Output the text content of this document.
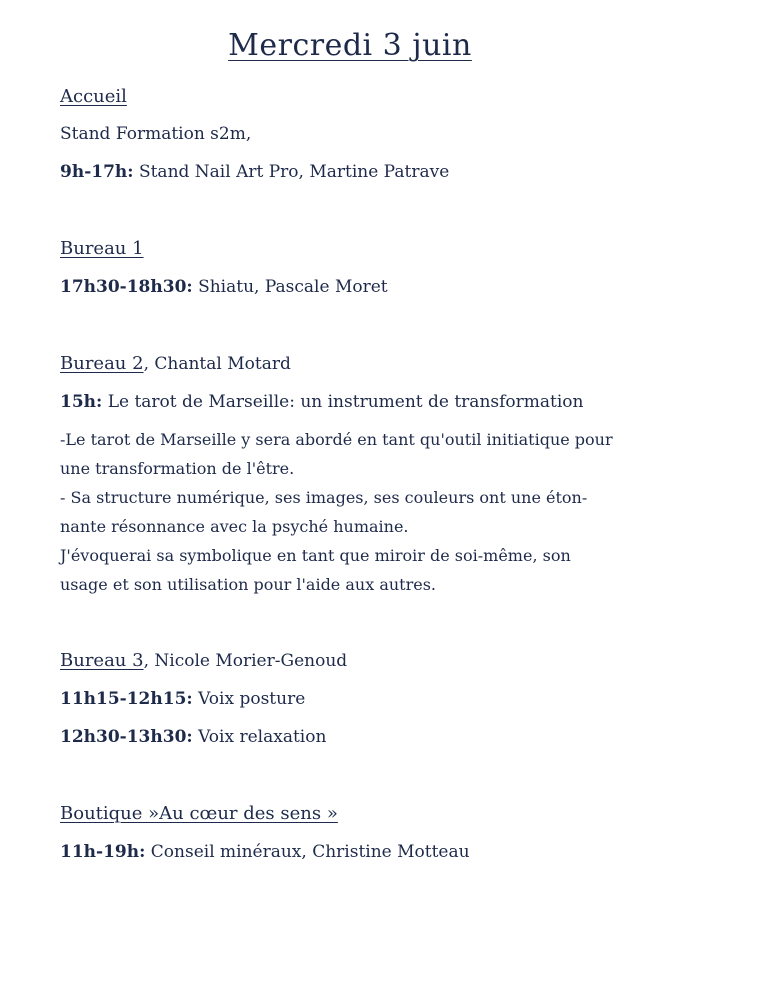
Mercredi 3 juin
Accueil
Stand Formation s2m,
9h-17h: Stand Nail Art Pro, Martine Patrave
Bureau 1
17h30-18h30: Shiatu, Pascale Moret
Bureau 2, Chantal Motard
15h: Le tarot de Marseille: un instrument de transformation
-Le tarot de Marseille y sera abordé en tant qu'outil initiatique pour
une transformation de l'être.
- Sa structure numérique, ses images, ses couleurs ont une éton-
nante résonnance avec la psyché humaine.
J'évoquerai sa symbolique en tant que miroir de soi-même, son
usage et son utilisation pour l'aide aux autres.
Bureau 3, Nicole Morier-Genoud
11h15-12h15: Voix posture
12h30-13h30: Voix relaxation
Boutique »Au cœur des sens »
11h-19h: Conseil minéraux, Christine Motteau
